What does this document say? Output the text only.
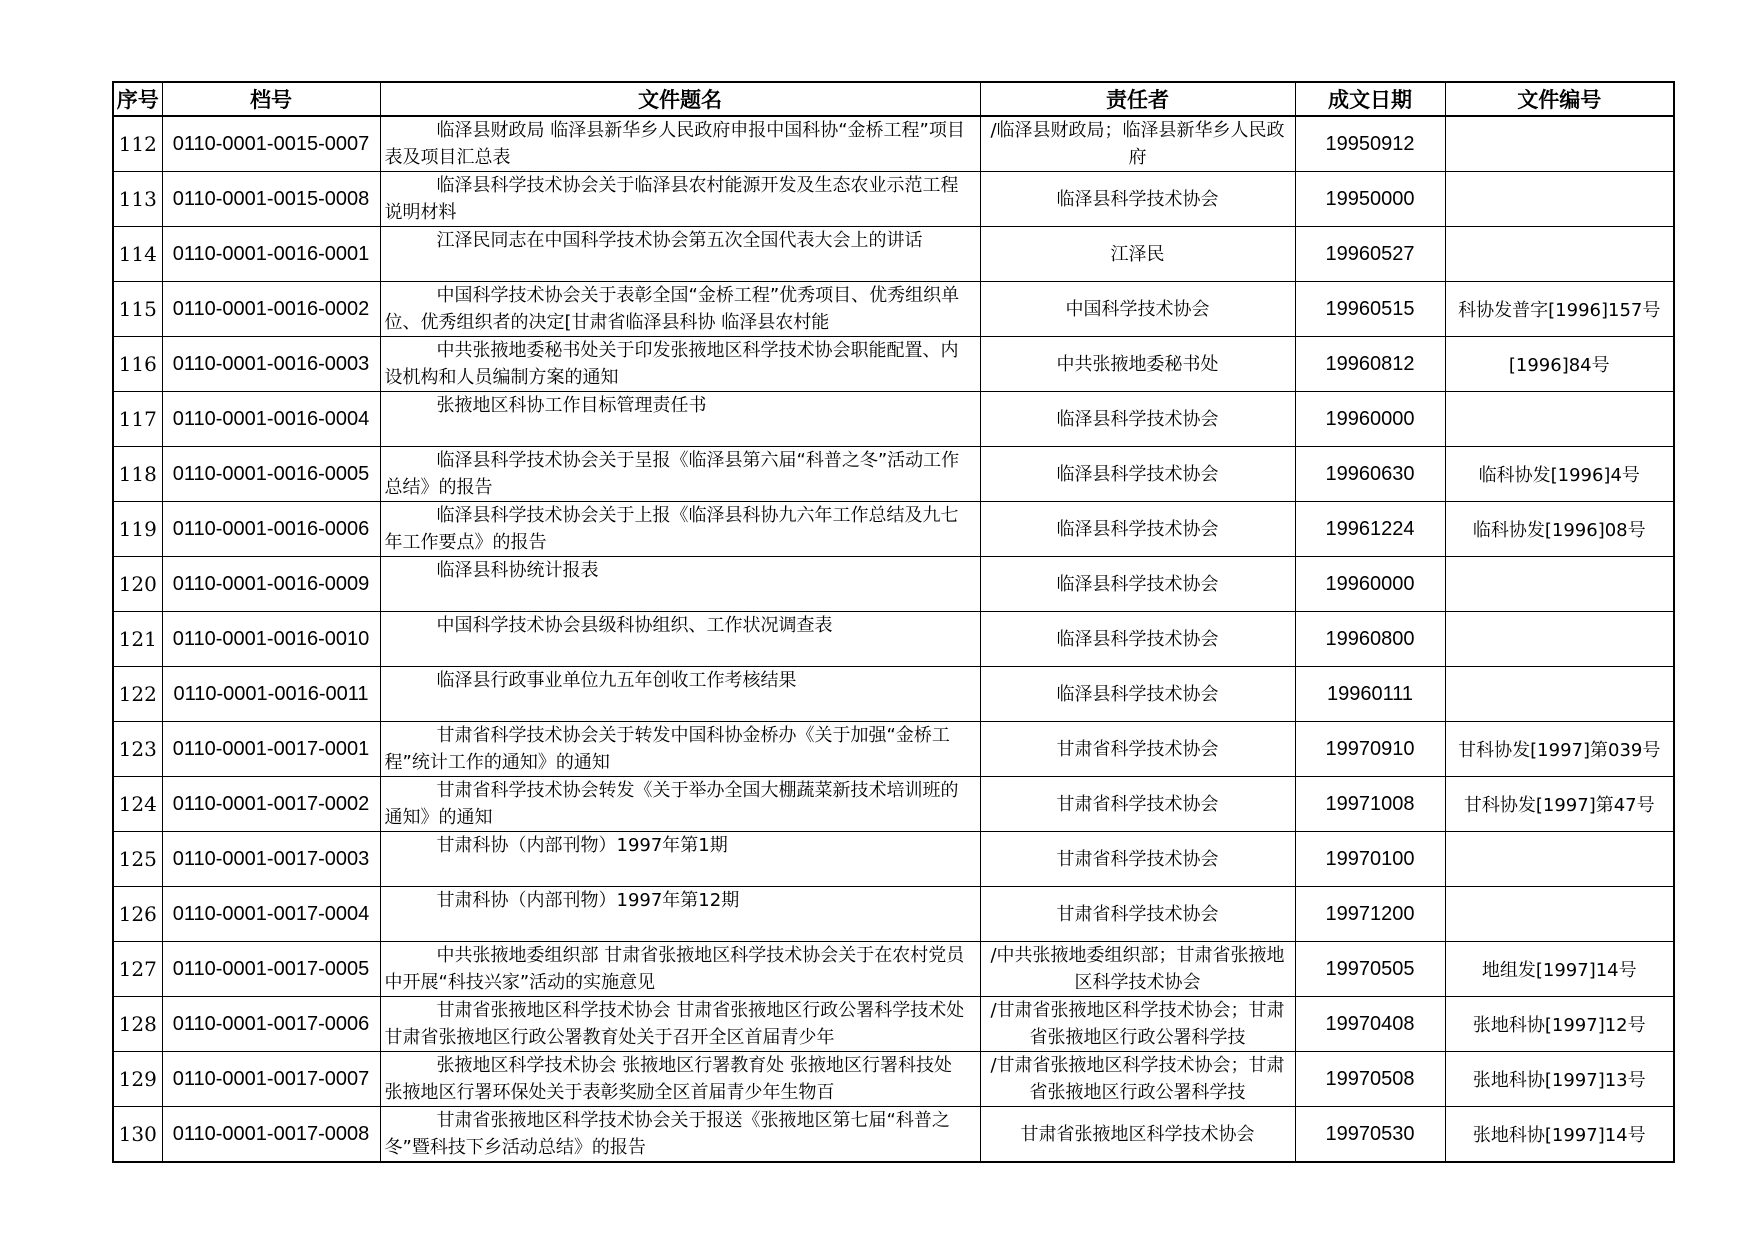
序号	档号	文件题名	责任者	成文日期	文件编号
112	0110-0001-0015-0007	临泽县财政局 临泽县新华乡人民政府申报中国科协“金桥工程”项目表及项目汇总表	/临泽县财政局；临泽县新华乡人民政府	19950912	
113	0110-0001-0015-0008	临泽县科学技术协会关于临泽县农村能源开发及生态农业示范工程说明材料	临泽县科学技术协会	19950000	
114	0110-0001-0016-0001	江泽民同志在中国科学技术协会第五次全国代表大会上的讲话	江泽民	19960527	
115	0110-0001-0016-0002	中国科学技术协会关于表彰全国“金桥工程”优秀项目、优秀组织单位、优秀组织者的决定[甘肃省临泽县科协 临泽县农村能	中国科学技术协会	19960515	科协发普字[1996]157号
116	0110-0001-0016-0003	中共张掖地委秘书处关于印发张掖地区科学技术协会职能配置、内设机构和人员编制方案的通知	中共张掖地委秘书处	19960812	[1996]84号
117	0110-0001-0016-0004	张掖地区科协工作目标管理责任书	临泽县科学技术协会	19960000	
118	0110-0001-0016-0005	临泽县科学技术协会关于呈报《临泽县第六届“科普之冬”活动工作总结》的报告	临泽县科学技术协会	19960630	临科协发[1996]4号
119	0110-0001-0016-0006	临泽县科学技术协会关于上报《临泽县科协九六年工作总结及九七年工作要点》的报告	临泽县科学技术协会	19961224	临科协发[1996]08号
120	0110-0001-0016-0009	临泽县科协统计报表	临泽县科学技术协会	19960000	
121	0110-0001-0016-0010	中国科学技术协会县级科协组织、工作状况调查表	临泽县科学技术协会	19960800	
122	0110-0001-0016-0011	临泽县行政事业单位九五年创收工作考核结果	临泽县科学技术协会	19960111	
123	0110-0001-0017-0001	甘肃省科学技术协会关于转发中国科协金桥办《关于加强“金桥工程”统计工作的通知》的通知	甘肃省科学技术协会	19970910	甘科协发[1997]第039号
124	0110-0001-0017-0002	甘肃省科学技术协会转发《关于举办全国大棚蔬菜新技术培训班的通知》的通知	甘肃省科学技术协会	19971008	甘科协发[1997]第47号
125	0110-0001-0017-0003	甘肃科协（内部刊物）1997年第1期	甘肃省科学技术协会	19970100	
126	0110-0001-0017-0004	甘肃科协（内部刊物）1997年第12期	甘肃省科学技术协会	19971200	
127	0110-0001-0017-0005	中共张掖地委组织部 甘肃省张掖地区科学技术协会关于在农村党员中开展“科技兴家”活动的实施意见	/中共张掖地委组织部；甘肃省张掖地区科学技术协会	19970505	地组发[1997]14号
128	0110-0001-0017-0006	甘肃省张掖地区科学技术协会 甘肃省张掖地区行政公署科学技术处 甘肃省张掖地区行政公署教育处关于召开全区首届青少年	/甘肃省张掖地区科学技术协会；甘肃省张掖地区行政公署科学技	19970408	张地科协[1997]12号
129	0110-0001-0017-0007	张掖地区科学技术协会 张掖地区行署教育处 张掖地区行署科技处 张掖地区行署环保处关于表彰奖励全区首届青少年生物百	/甘肃省张掖地区科学技术协会；甘肃省张掖地区行政公署科学技	19970508	张地科协[1997]13号
130	0110-0001-0017-0008	甘肃省张掖地区科学技术协会关于报送《张掖地区第七届“科普之冬”暨科技下乡活动总结》的报告	甘肃省张掖地区科学技术协会	19970530	张地科协[1997]14号
